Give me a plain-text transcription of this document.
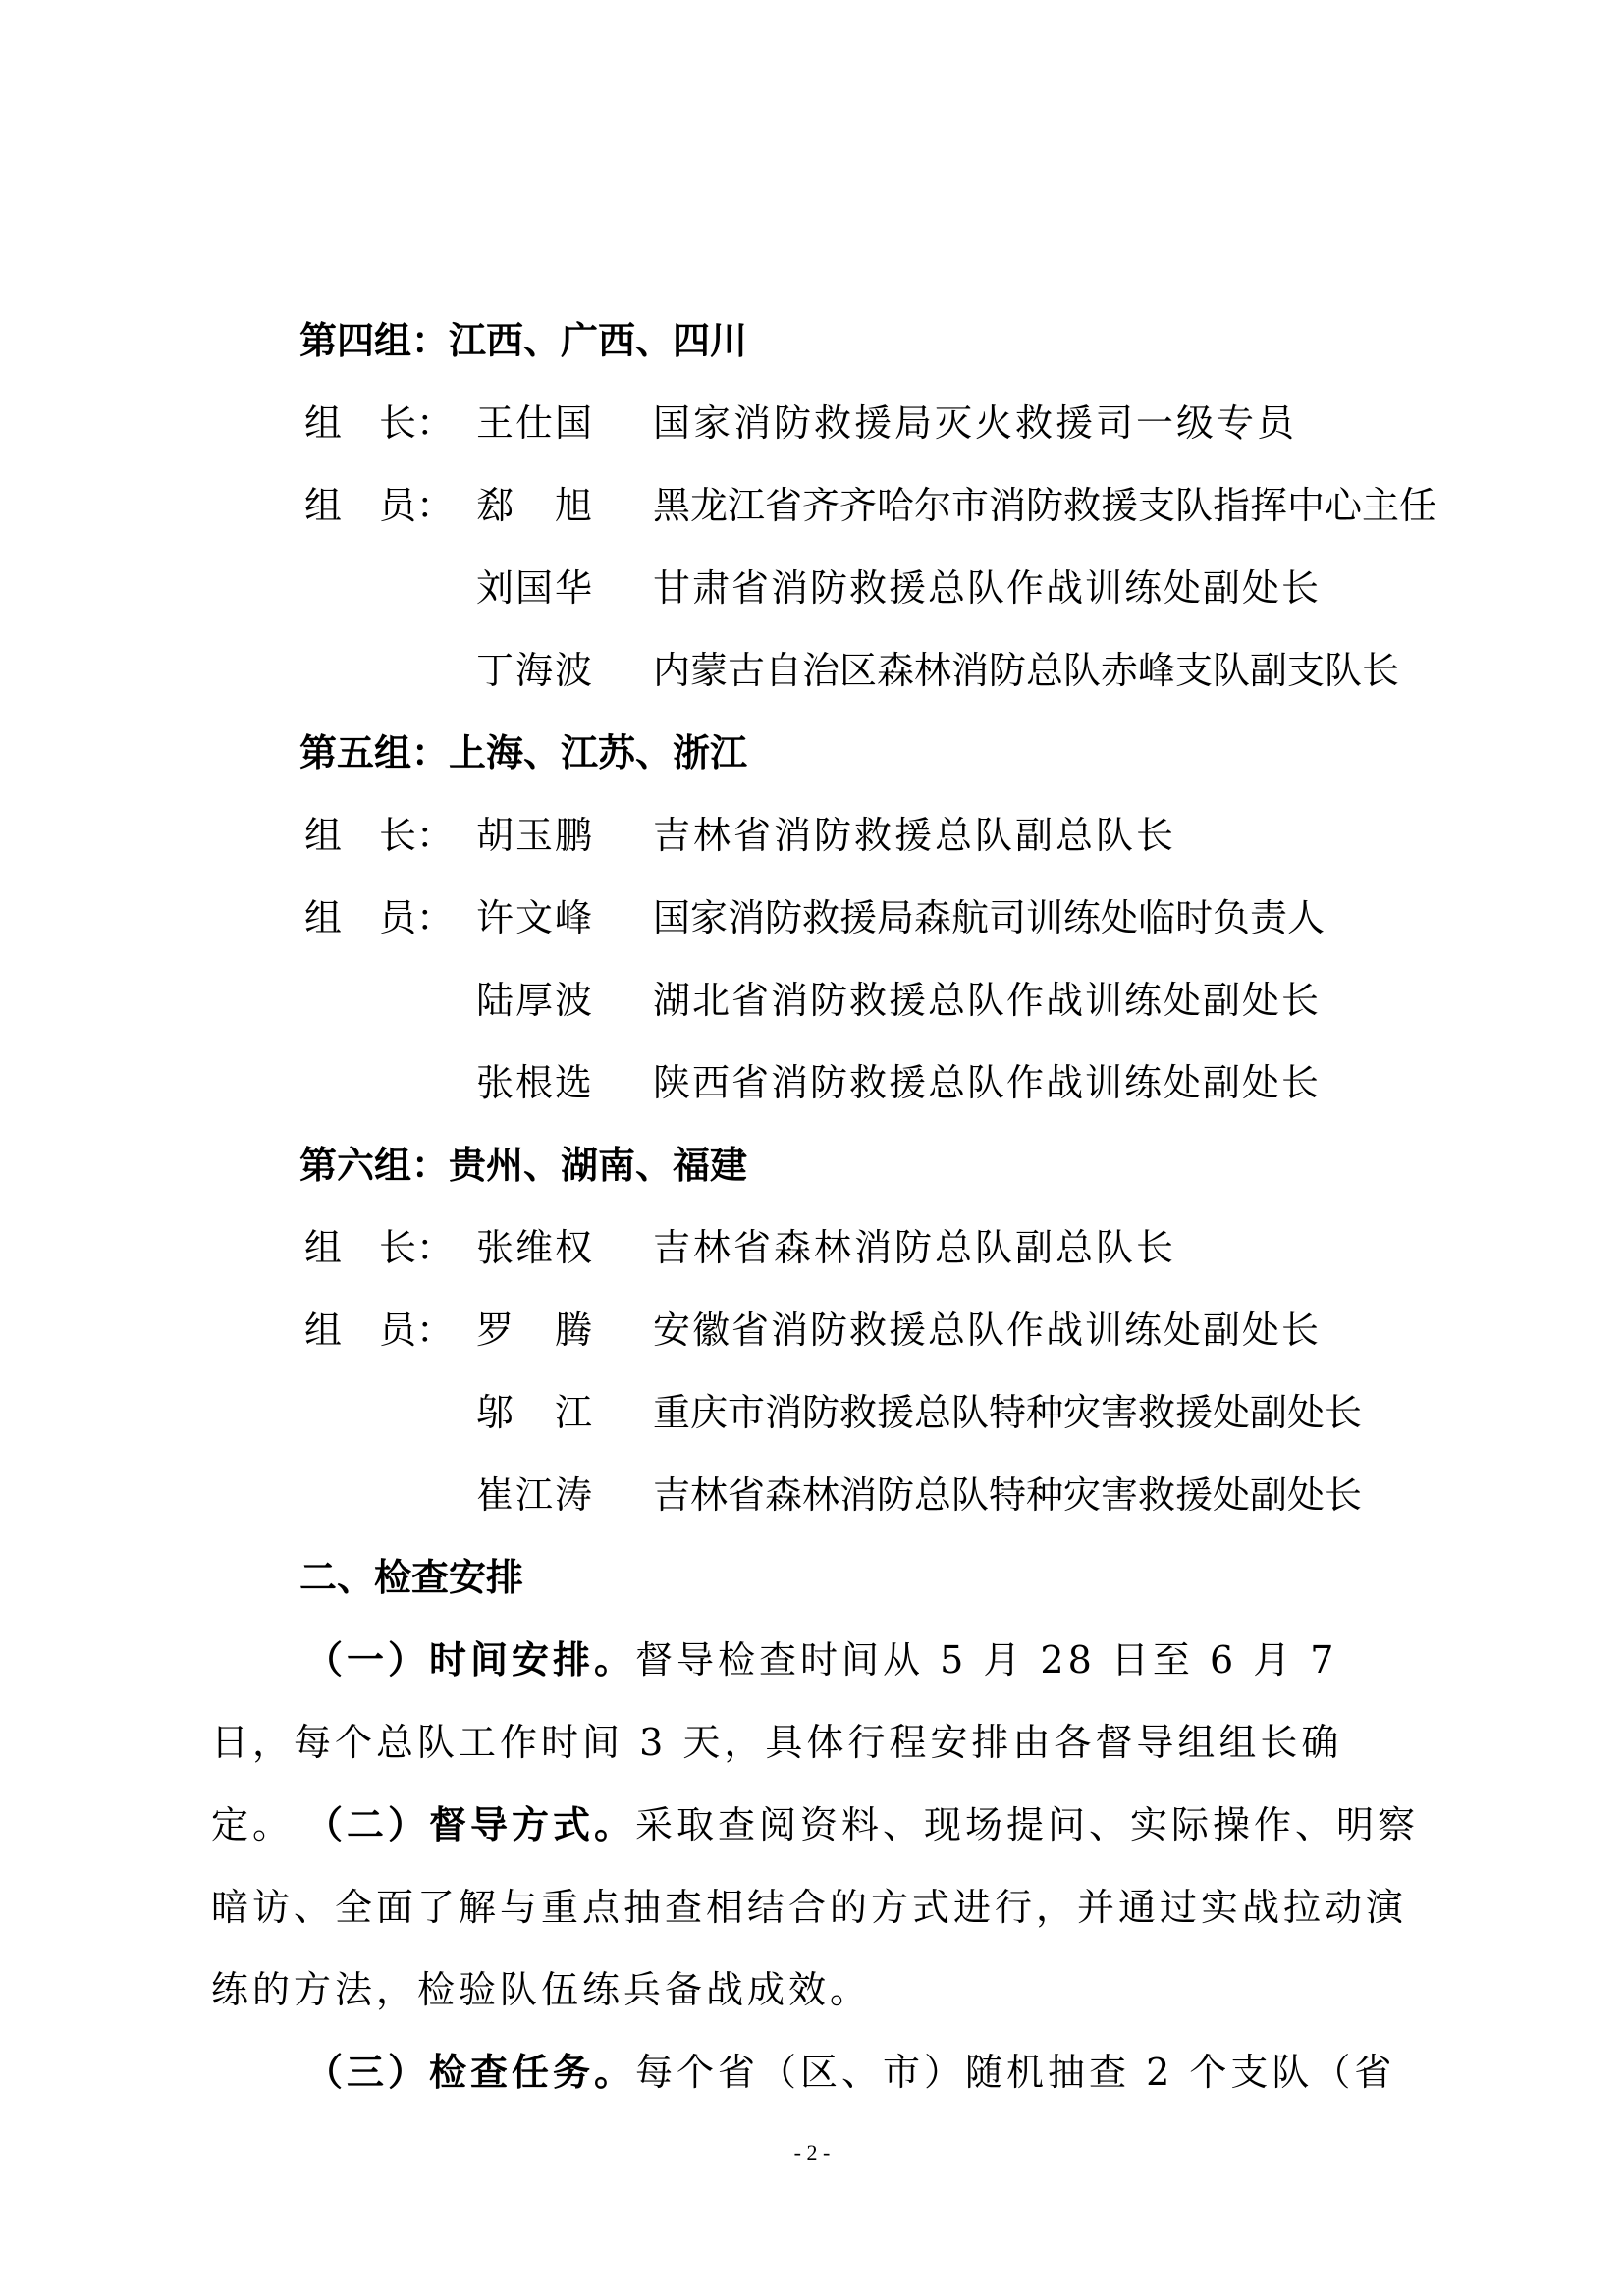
第四组：江西、广西、四川
组　长： 王仕国 国家消防救援局灭火救援司一级专员
组　员： 郄　旭 黑龙江省齐齐哈尔市消防救援支队指挥中心主任
刘国华 甘肃省消防救援总队作战训练处副处长
丁海波 内蒙古自治区森林消防总队赤峰支队副支队长
第五组：上海、江苏、浙江
组　长： 胡玉鹏 吉林省消防救援总队副总队长
组　员： 许文峰 国家消防救援局森航司训练处临时负责人
陆厚波 湖北省消防救援总队作战训练处副处长
张根选 陕西省消防救援总队作战训练处副处长
第六组：贵州、湖南、福建
组　长： 张维权 吉林省森林消防总队副总队长
组　员： 罗　腾 安徽省消防救援总队作战训练处副处长
邬　江 重庆市消防救援总队特种灾害救援处副处长
崔江涛 吉林省森林消防总队特种灾害救援处副处长
二、检查安排
（一）时间安排。督导检查时间从 5 月 28 日至 6 月 7 日，每个总队工作时间 3 天，具体行程安排由各督导组组长确定。 （二）督导方式。采取查阅资料、现场提问、实际操作、明察暗访、全面了解与重点抽查相结合的方式进行，并通过实战拉动演练的方法，检验队伍练兵备战成效。
（三）检查任务。每个省（区、市）随机抽查 2 个支队（省
- 2 -
